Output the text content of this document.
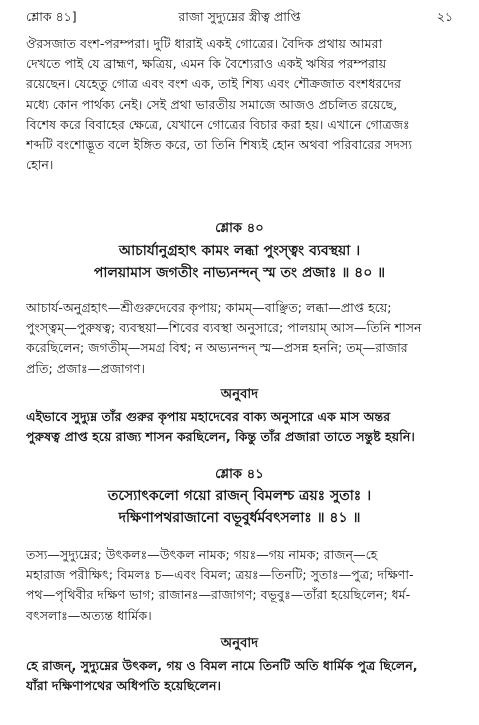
শ্লোক ৪১]	রাজা সুদ্যুম্নের স্ত্রীত্ব প্রাপ্তি	২১
ঔরসজাত বংশ-পরম্পরা। দুটি ধারাই একই গোত্রের। বৈদিক প্রথায় আমরা
দেখতে পাই যে ব্রাহ্মণ, ক্ষত্রিয়, এমন কি বৈশ্যেরাও একই ঋষির পরম্পরায়
রয়েছেন। যেহেতু গোত্র এবং বংশ এক, তাই শিষ্য এবং শৌক্রজাত বংশধরদের
মধ্যে কোন পার্থক্য নেই। সেই প্রথা ভারতীয় সমাজে আজও প্রচলিত রয়েছে,
বিশেষ করে বিবাহের ক্ষেত্রে, যেখানে গোত্রের বিচার করা হয়। এখানে গোত্রজঃ
শব্দটি বংশোদ্ভূত বলে ইঙ্গিত করে, তা তিনি শিষ্যই হোন অথবা পরিবারের সদস্য
হোন।
শ্লোক ৪০
আচার্যানুগ্রহাৎ কামং লব্ধা পুংস্ত্বং ব্যবস্থয়া ।
পালয়ামাস জগতীং নাভ্যনন্দন্ স্ম তং প্রজাঃ ॥ ৪০ ॥
আচার্য-অনুগ্রহাৎ—শ্রীগুরুদেবের কৃপায়; কামম্—বাঞ্ছিত; লব্ধা—প্রাপ্ত হয়ে;
পুংস্ত্বম্—পুরুষত্ব; ব্যবস্থয়া—শিবের ব্যবস্থা অনুসারে; পালয়াম্ আস—তিনি শাসন
করেছিলেন; জগতীম্—সমগ্র বিশ্ব; ন অভ্যনন্দন্ স্ম—প্রসন্ন হননি; তম্—রাজার
প্রতি; প্রজাঃ—প্রজাগণ।
অনুবাদ
এইভাবে সুদ্যুম্ন তাঁর গুরুর কৃপায় মহাদেবের বাক্য অনুসারে এক মাস অন্তর
পুরুষত্ব প্রাপ্ত হয়ে রাজ্য শাসন করছিলেন, কিন্তু তাঁর প্রজারা তাতে সন্তুষ্ট হয়নি।
শ্লোক ৪১
তস্যোৎকলো গয়ো রাজন্ বিমলশ্চ ত্রয়ঃ সুতাঃ ।
দক্ষিণাপথরাজানো বভূবুর্ধর্মবৎসলাঃ ॥ ৪১ ॥
তস্য—সুদ্যুম্নের; উৎকলঃ—উৎকল নামক; গয়ঃ—গয় নামক; রাজন্—হে
মহারাজ পরীক্ষিৎ; বিমলঃ চ—এবং বিমল; ত্রয়ঃ—তিনটি; সুতাঃ—পুত্র; দক্ষিণা-
পথ—পৃথিবীর দক্ষিণ ভাগ; রাজানঃ—রাজাগণ; বভূবুঃ—তাঁরা হয়েছিলেন; ধর্ম-
বৎসলাঃ—অত্যন্ত ধার্মিক।
অনুবাদ
হে রাজন্, সুদ্যুম্নের উৎকল, গয় ও বিমল নামে তিনটি অতি ধার্মিক পুত্র ছিলেন,
যাঁরা দক্ষিণাপথের অধিপতি হয়েছিলেন।
